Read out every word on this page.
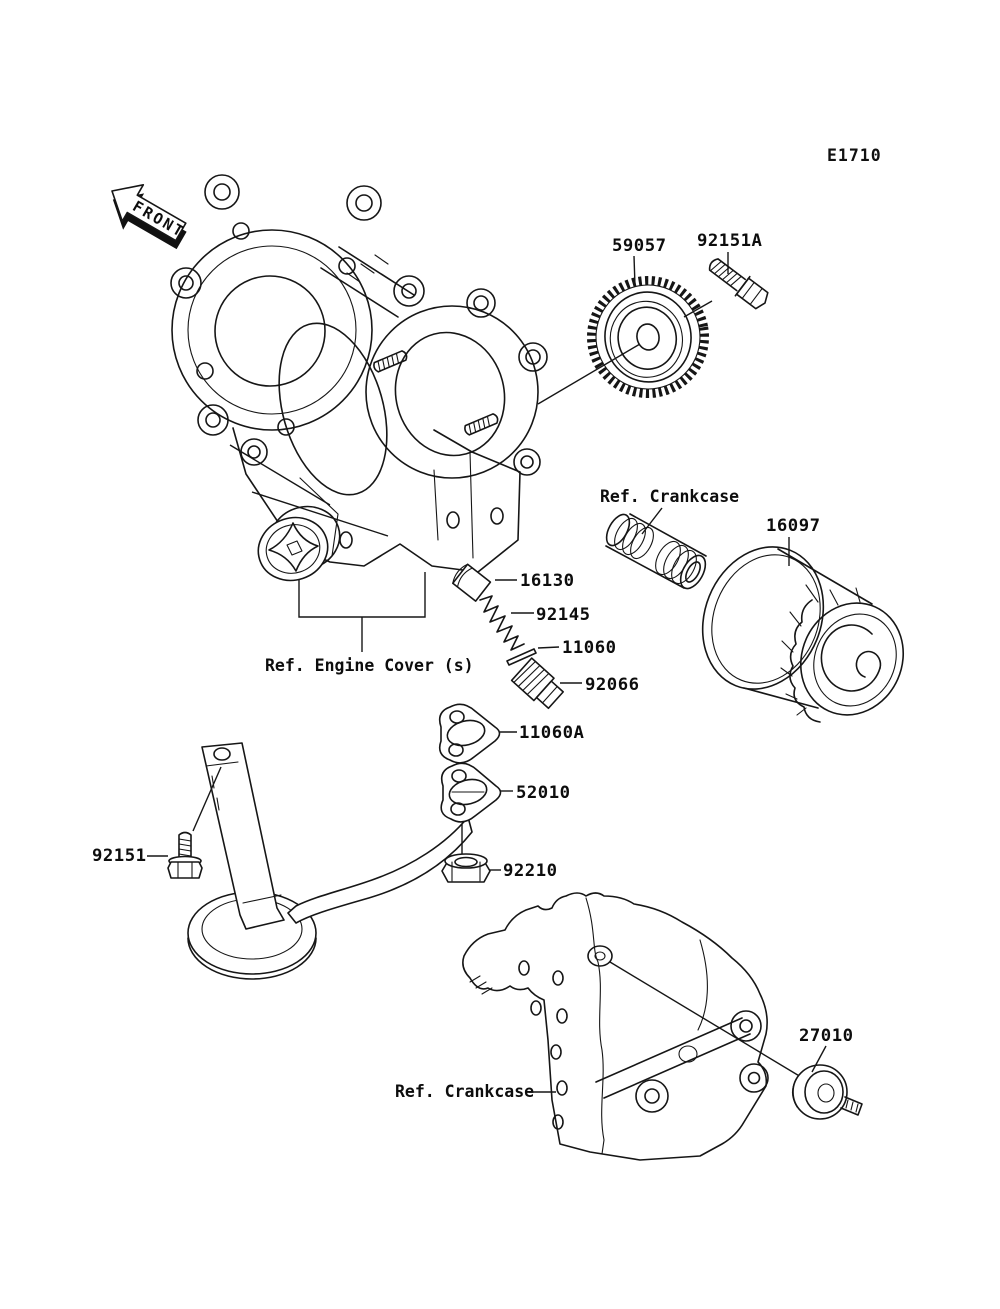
FRONT
E1710
59057 92151A
Ref. Crankcase
16097
16130
92145
11060
92066
Ref. Engine Cover (s)
11060A
52010
92151
92210
Ref. Crankcase
27010
